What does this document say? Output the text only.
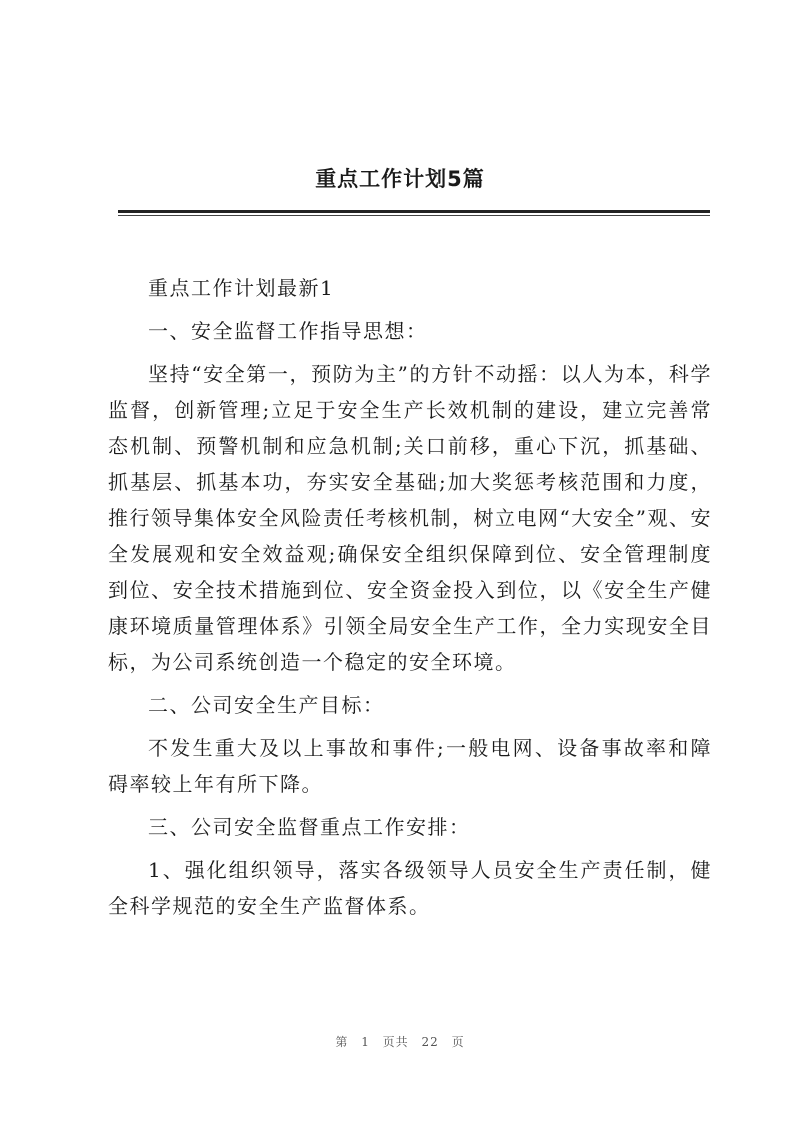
重点工作计划5篇

重点工作计划最新1

一、安全监督工作指导思想：

坚持“安全第一，预防为主”的方针不动摇：以人为本，科学监督，创新管理;立足于安全生产长效机制的建设，建立完善常态机制、预警机制和应急机制;关口前移，重心下沉，抓基础、抓基层、抓基本功，夯实安全基础;加大奖惩考核范围和力度，推行领导集体安全风险责任考核机制，树立电网“大安全”观、安全发展观和安全效益观;确保安全组织保障到位、安全管理制度到位、安全技术措施到位、安全资金投入到位，以《安全生产健康环境质量管理体系》引领全局安全生产工作，全力实现安全目标，为公司系统创造一个稳定的安全环境。

二、公司安全生产目标：

不发生重大及以上事故和事件;一般电网、设备事故率和障碍率较上年有所下降。

三、公司安全监督重点工作安排：

1、强化组织领导，落实各级领导人员安全生产责任制，健全科学规范的安全生产监督体系。

第 1 页共 22 页
